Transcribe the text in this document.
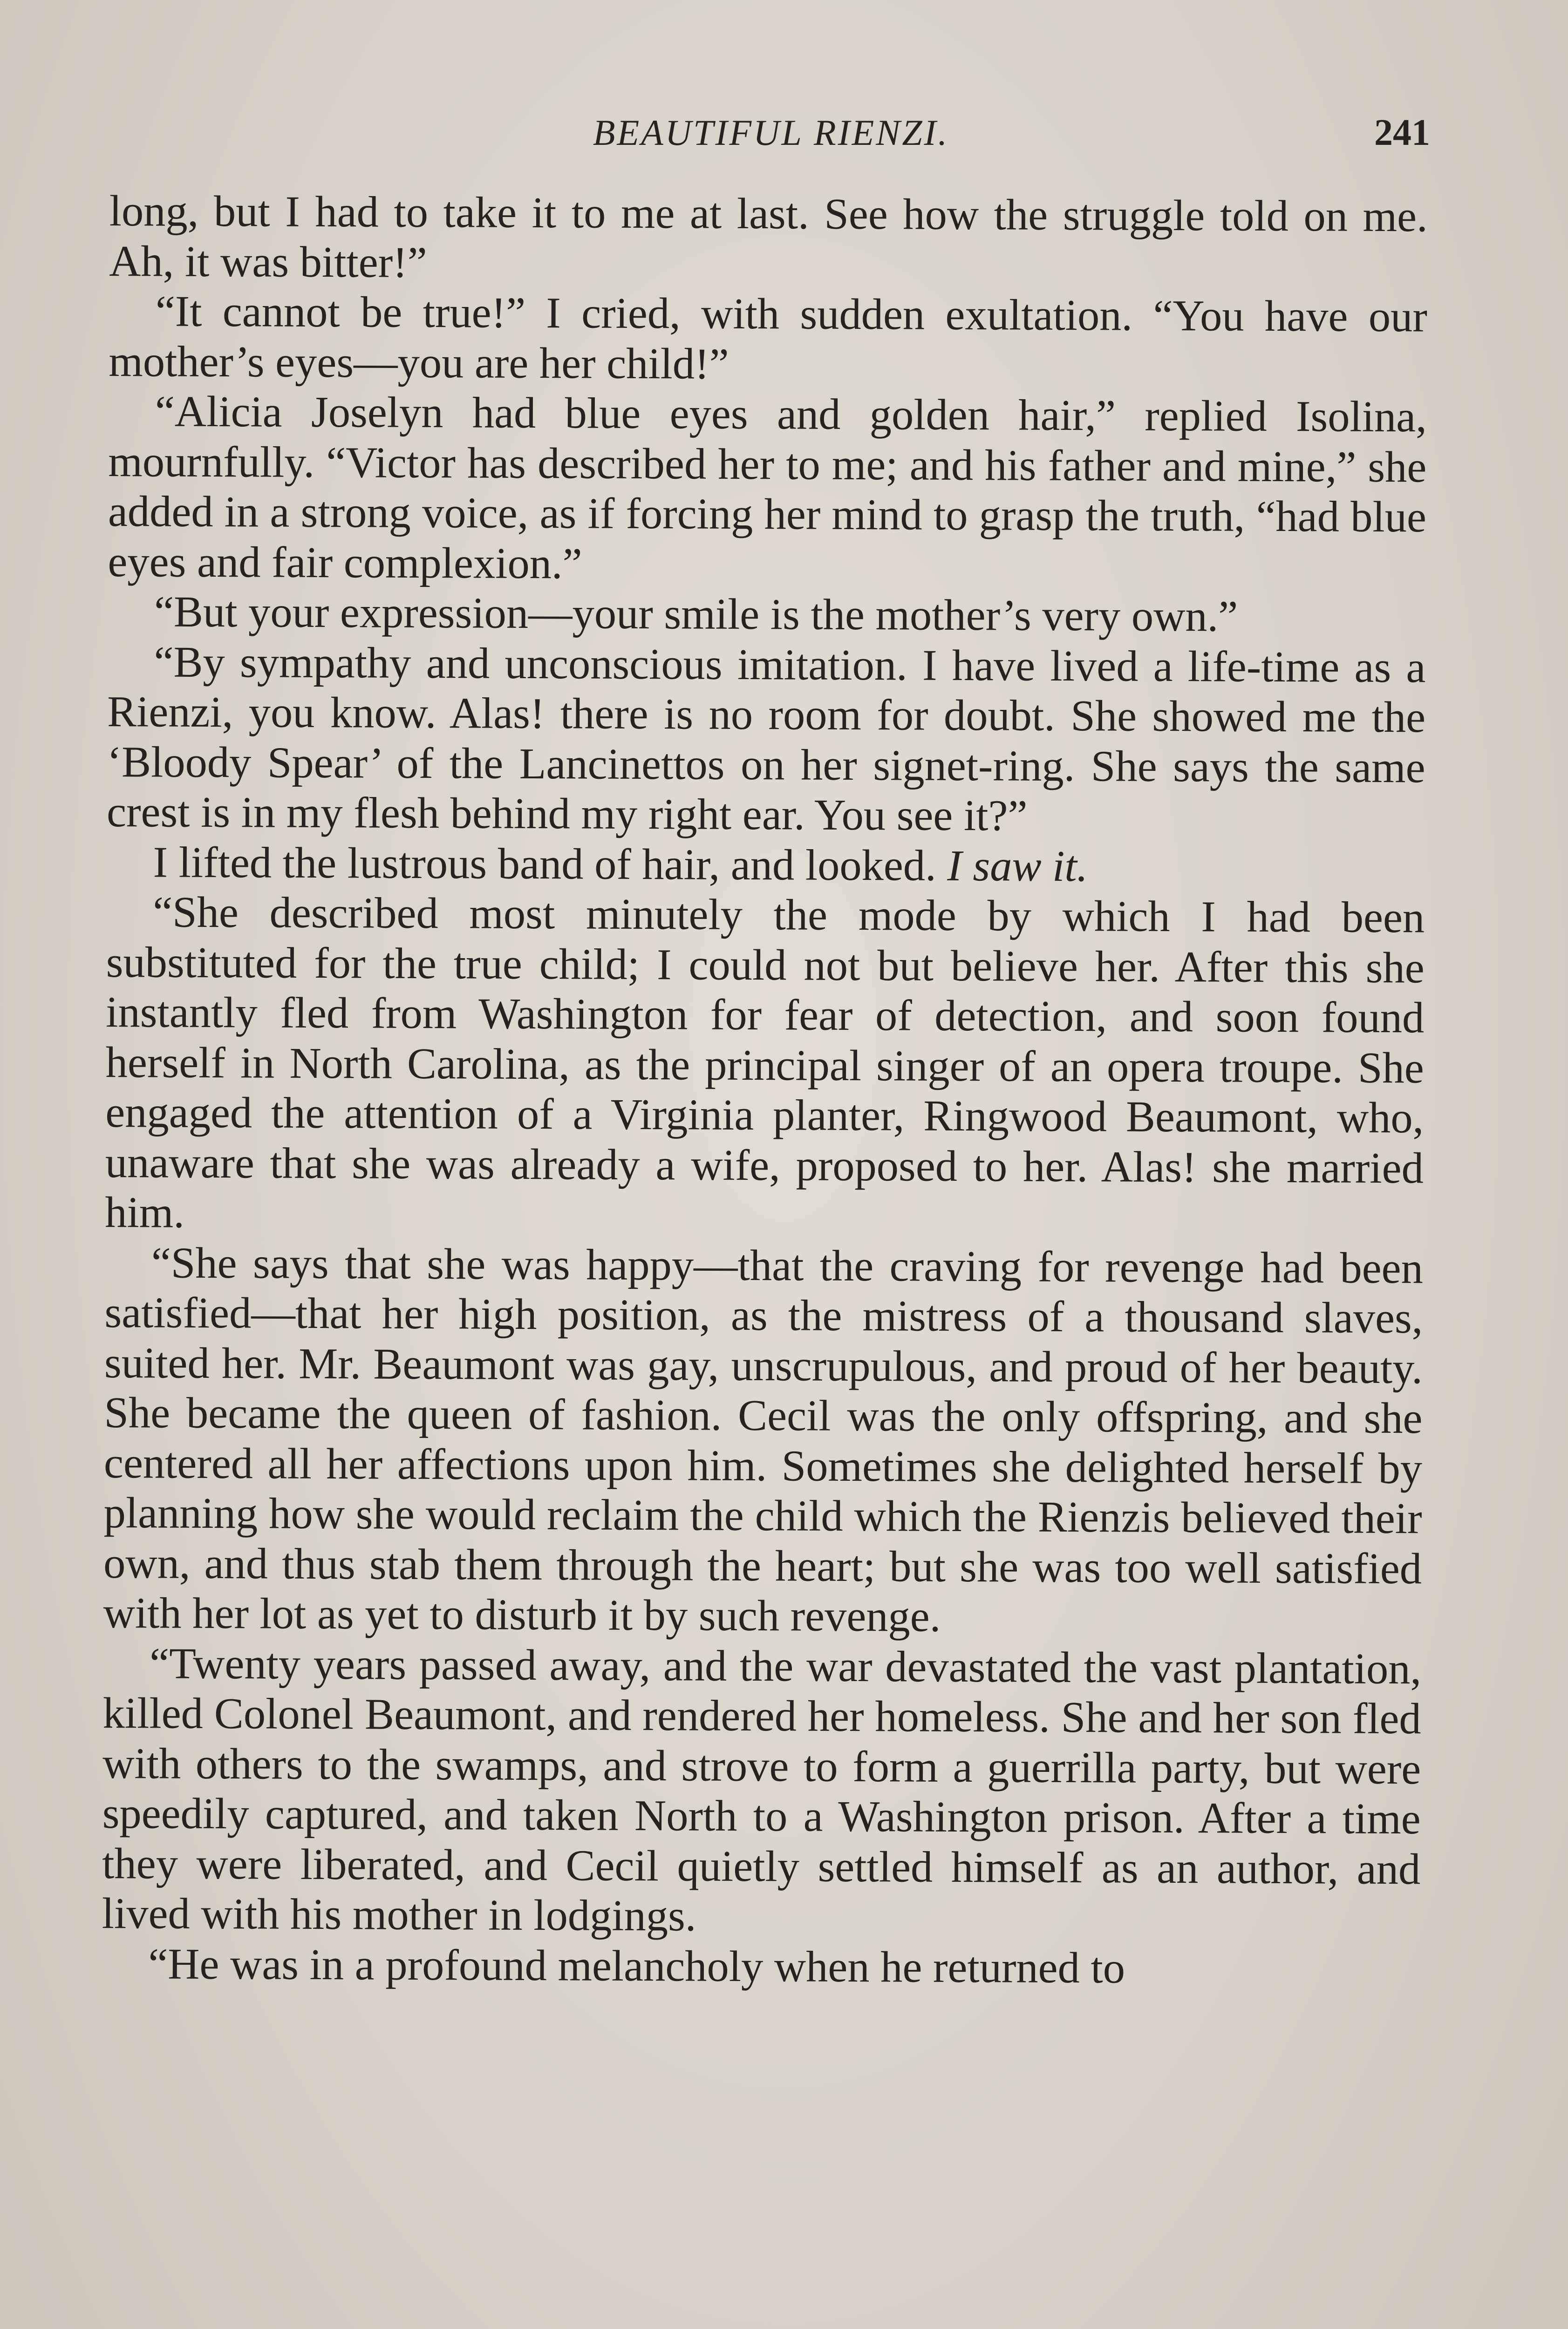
BEAUTIFUL RIENZI.	241

long, but I had to take it to me at last. See how the struggle told on me. Ah, it was bitter!”

“It cannot be true!” I cried, with sudden exultation. “You have our mother’s eyes—you are her child!”

“Alicia Joselyn had blue eyes and golden hair,” replied Isolina, mournfully. “Victor has described her to me; and his father and mine,” she added in a strong voice, as if forcing her mind to grasp the truth, “had blue eyes and fair complexion.”

“But your expression—your smile is the mother’s very own.”

“By sympathy and unconscious imitation. I have lived a life-time as a Rienzi, you know. Alas! there is no room for doubt. She showed me the ‘Bloody Spear’ of the Lancinettos on her signet-ring. She says the same crest is in my flesh behind my right ear. You see it?”

I lifted the lustrous band of hair, and looked. I saw it.

“She described most minutely the mode by which I had been substituted for the true child; I could not but believe her. After this she instantly fled from Washington for fear of detection, and soon found herself in North Carolina, as the principal singer of an opera troupe. She engaged the attention of a Virginia planter, Ringwood Beaumont, who, unaware that she was already a wife, proposed to her. Alas! she married him.

“She says that she was happy—that the craving for revenge had been satisfied—that her high position, as the mistress of a thousand slaves, suited her. Mr. Beaumont was gay, unscrupulous, and proud of her beauty. She became the queen of fashion. Cecil was the only offspring, and she centered all her affections upon him. Sometimes she delighted herself by planning how she would reclaim the child which the Rienzis believed their own, and thus stab them through the heart; but she was too well satisfied with her lot as yet to disturb it by such revenge.

“Twenty years passed away, and the war devastated the vast plantation, killed Colonel Beaumont, and rendered her homeless. She and her son fled with others to the swamps, and strove to form a guerrilla party, but were speedily captured, and taken North to a Washington prison. After a time they were liberated, and Cecil quietly settled himself as an author, and lived with his mother in lodgings.

“He was in a profound melancholy when he returned to
